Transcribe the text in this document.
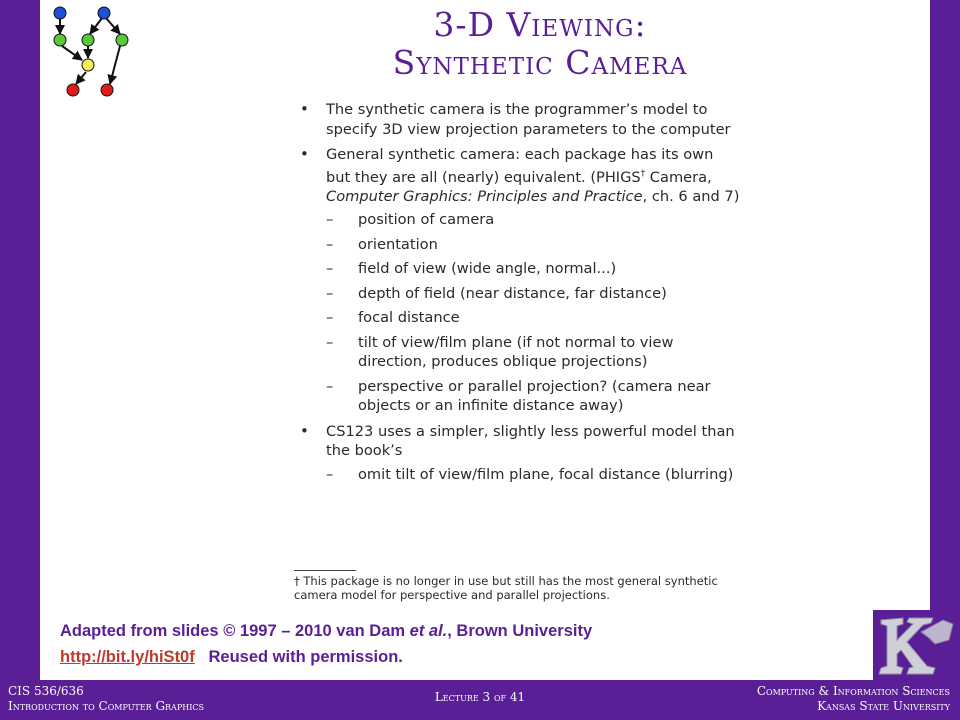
3-D Viewing:
Synthetic Camera
• The synthetic camera is the programmer’s model to specify 3D view projection parameters to the computer
• General synthetic camera: each package has its own but they are all (nearly) equivalent. (PHIGS† Camera, Computer Graphics: Principles and Practice, ch. 6 and 7)
– position of camera
– orientation
– field of view (wide angle, normal...)
– depth of field (near distance, far distance)
– focal distance
– tilt of view/film plane (if not normal to view direction, produces oblique projections)
– perspective or parallel projection? (camera near objects or an infinite distance away)
• CS123 uses a simpler, slightly less powerful model than the book’s
– omit tilt of view/film plane, focal distance (blurring)
† This package is no longer in use but still has the most general synthetic camera model for perspective and parallel projections.
Adapted from slides © 1997 – 2010 van Dam et al., Brown University
http://bit.ly/hiSt0f   Reused with permission.
CIS 536/636
Introduction to Computer Graphics
Lecture 3 of 41	Computing & Information Sciences
Kansas State University
